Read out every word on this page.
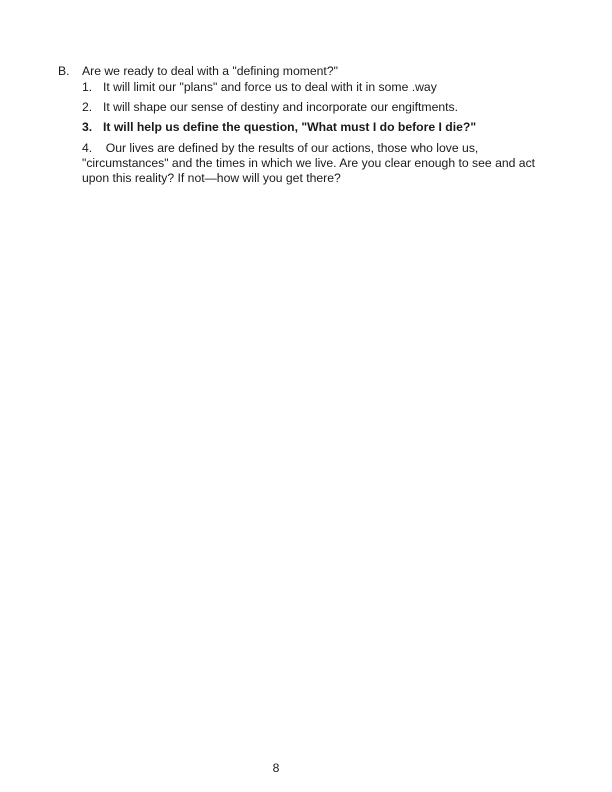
B. Are we ready to deal with a "defining moment?"
1. It will limit our "plans" and force us to deal with it in some .way
2. It will shape our sense of destiny and incorporate our engiftments.
3. It will help us define the question, "What must I do before I die?"
4. Our lives are defined by the results of our actions, those who love us,
"circumstances" and the times in which we live. Are you clear enough to see and act
upon this reality? If not—how will you get there?
8
